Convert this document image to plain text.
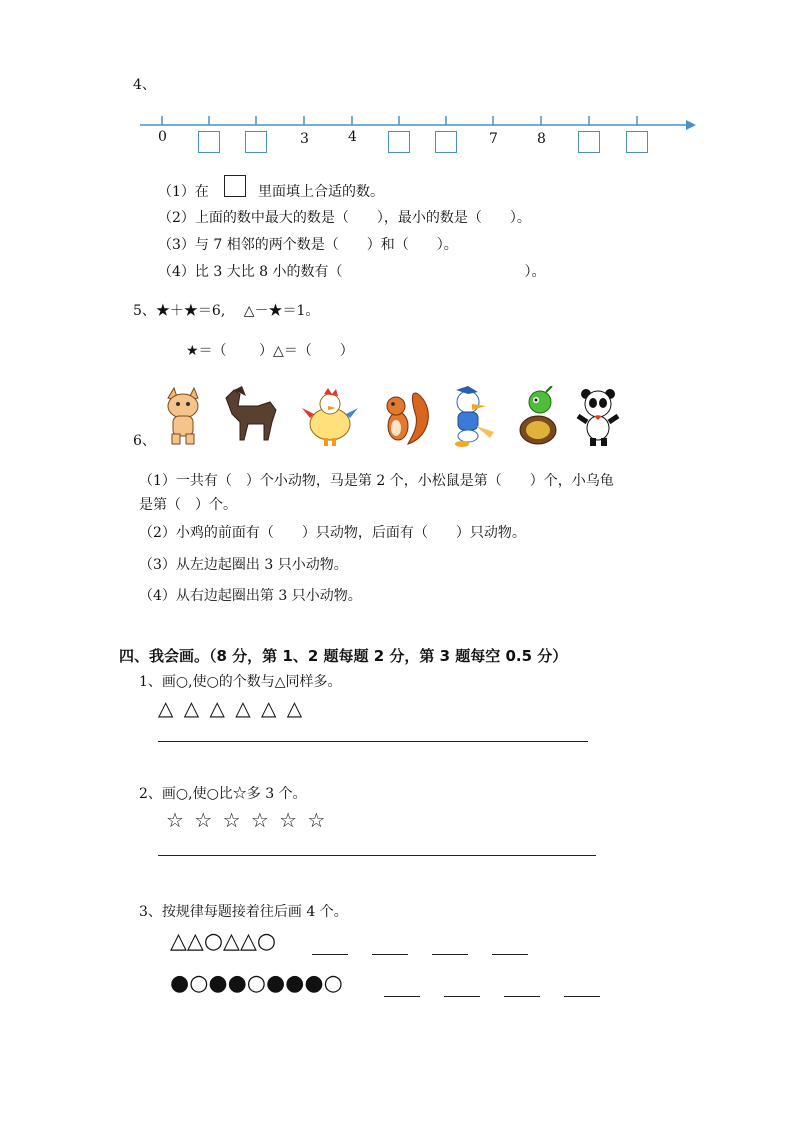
4、
0	3	4	7	8
（1）在	里面填上合适的数。
（2）上面的数中最大的数是（　　），最小的数是（　　）。
（3）与 7 相邻的两个数是（　　）和（　　）。
（4）比 3 大比 8 小的数有（　　　　　　　　　　　　　）。
5、★＋★＝6,　 △－★＝1。
★＝（　　 ）△＝（　　）
6、
（1）一共有（　）个小动物，马是第 2 个，小松鼠是第（　　）个，小乌龟
是第（　）个。
（2）小鸡的前面有（　　）只动物，后面有（　　）只动物。
（3）从左边起圈出 3 只小动物。
（4）从右边起圈出第 3 只小动物。
四、我会画。（8 分，第 1、2 题每题 2 分，第 3 题每空 0.5 分）
1、画○,使○的个数与△同样多。
△ △ △ △ △ △
2、画○,使○比☆多 3 个。
☆ ☆ ☆ ☆ ☆ ☆
3、按规律每题接着往后画 4 个。
△△○△△○
●○●●○●●●○
